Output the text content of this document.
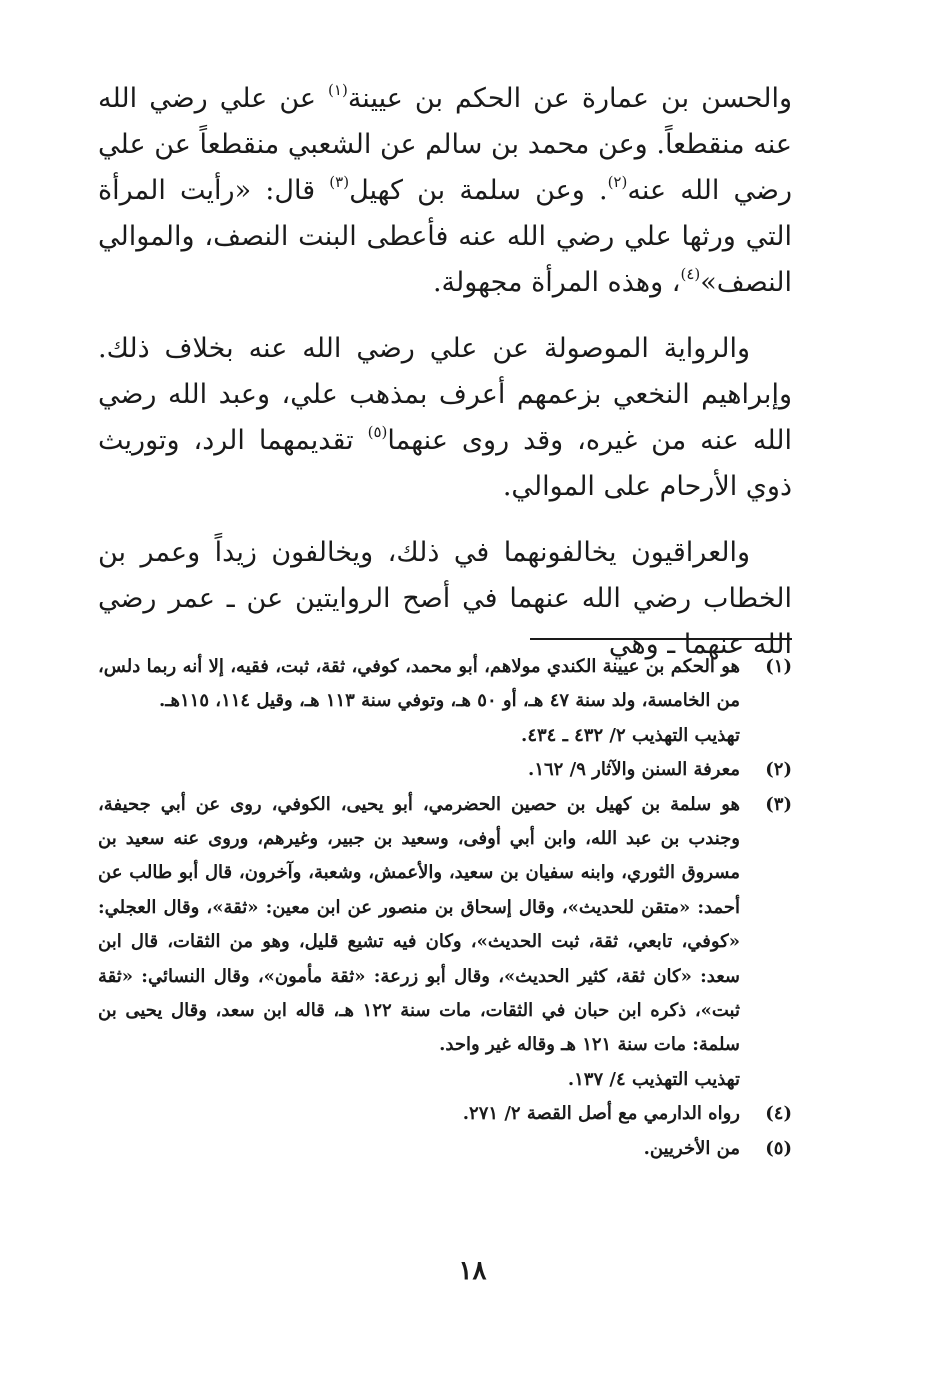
والحسن بن عمارة عن الحكم بن عيينة$^{(١)}$ عن علي رضي الله عنه منقطعاً. وعن محمد بن سالم عن الشعبي منقطعاً عن علي رضي الله عنه$^{(٢)}$. وعن سلمة بن كهيل$^{(٣)}$ قال: «رأيت المرأة التي ورثها علي رضي الله عنه فأعطى البنت النصف، والموالي النصف»$^{(٤)}$، وهذه المرأة مجهولة.

والرواية الموصولة عن علي رضي الله عنه بخلاف ذلك. وإبراهيم النخعي بزعمهم أعرف بمذهب علي، وعبد الله رضي الله عنه من غيره، وقد روى عنهما$^{(٥)}$ تقديمهما الرد، وتوريث ذوي الأرحام على الموالي.

والعراقيون يخالفونهما في ذلك، ويخالفون زيداً وعمر بن الخطاب رضي الله عنهما في أصح الروايتين عن ـ عمر رضي الله عنهما ـ وهي

(١)
هو الحكم بن عيينة الكندي مولاهم، أبو محمد، كوفي، ثقة، ثبت، فقيه، إلا أنه ربما دلس، من الخامسة، ولد سنة ٤٧ هـ، أو ٥٠ هـ، وتوفي سنة ١١٣ هـ، وقيل ١١٤، ١١٥هـ.
تهذيب التهذيب ٢/ ٤٣٢ ـ ٤٣٤.
(٢)
معرفة السنن والآثار ٩/ ١٦٢.
(٣)
هو سلمة بن كهيل بن حصين الحضرمي، أبو يحيى، الكوفي، روى عن أبي جحيفة، وجندب بن عبد الله، وابن أبي أوفى، وسعيد بن جبير، وغيرهم، وروى عنه سعيد بن مسروق الثوري، وابنه سفيان بن سعيد، والأعمش، وشعبة، وآخرون، قال أبو طالب عن أحمد: «متقن للحديث»، وقال إسحاق بن منصور عن ابن معين: «ثقة»، وقال العجلي: «كوفي، تابعي، ثقة، ثبت الحديث»، وكان فيه تشيع قليل، وهو من الثقات، قال ابن سعد: «كان ثقة، كثير الحديث»، وقال أبو زرعة: «ثقة مأمون»، وقال النسائي: «ثقة ثبت»، ذكره ابن حبان في الثقات، مات سنة ١٢٢ هـ، قاله ابن سعد، وقال يحيى بن سلمة: مات سنة ١٢١ هـ وقاله غير واحد.
تهذيب التهذيب ٤/ ١٣٧.
(٤)
رواه الدارمي مع أصل القصة ٢/ ٢٧١.
(٥)
من الأخريين.
١٨
